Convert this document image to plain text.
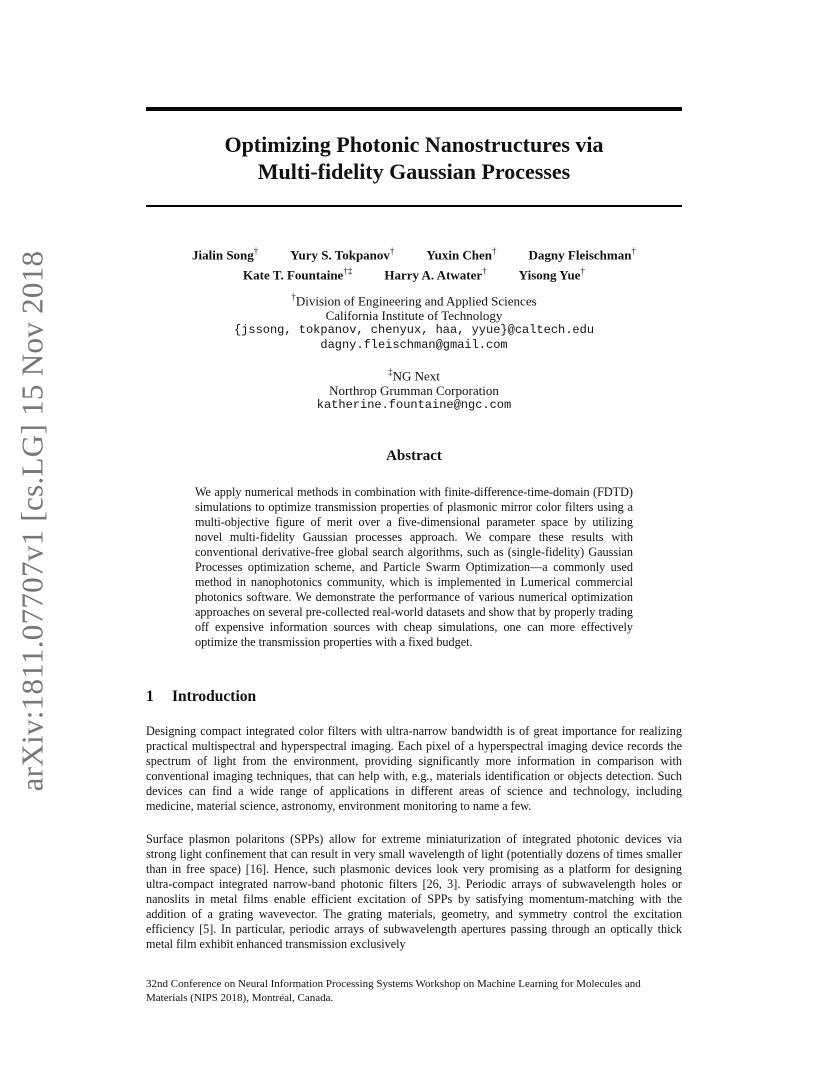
arXiv:1811.07707v1 [cs.LG] 15 Nov 2018
Optimizing Photonic Nanostructures via
Multi-fidelity Gaussian Processes
Jialin Song† Yury S. Tokpanov† Yuxin Chen† Dagny Fleischman†
Kate T. Fountaine†‡ Harry A. Atwater† Yisong Yue†
†Division of Engineering and Applied Sciences
California Institute of Technology
{jssong, tokpanov, chenyux, haa, yyue}@caltech.edu
dagny.fleischman@gmail.com
‡NG Next
Northrop Grumman Corporation
katherine.fountaine@ngc.com
Abstract

We apply numerical methods in combination with finite-difference-time-domain (FDTD) simulations to optimize transmission properties of plasmonic mirror color filters using a multi-objective figure of merit over a five-dimensional parameter space by utilizing novel multi-fidelity Gaussian processes approach. We compare these results with conventional derivative-free global search algorithms, such as (single-fidelity) Gaussian Processes optimization scheme, and Particle Swarm Optimization—a commonly used method in nanophotonics community, which is implemented in Lumerical commercial photonics software. We demonstrate the performance of various numerical optimization approaches on several pre-collected real-world datasets and show that by properly trading off expensive information sources with cheap simulations, one can more effectively optimize the transmission properties with a fixed budget.

1 Introduction

Designing compact integrated color filters with ultra-narrow bandwidth is of great importance for realizing practical multispectral and hyperspectral imaging. Each pixel of a hyperspectral imaging device records the spectrum of light from the environment, providing significantly more information in comparison with conventional imaging techniques, that can help with, e.g., materials identification or objects detection. Such devices can find a wide range of applications in different areas of science and technology, including medicine, material science, astronomy, environment monitoring to name a few.

Surface plasmon polaritons (SPPs) allow for extreme miniaturization of integrated photonic devices via strong light confinement that can result in very small wavelength of light (potentially dozens of times smaller than in free space) [16]. Hence, such plasmonic devices look very promising as a platform for designing ultra-compact integrated narrow-band photonic filters [26, 3]. Periodic arrays of subwavelength holes or nanoslits in metal films enable efficient excitation of SPPs by satisfying momentum-matching with the addition of a grating wavevector. The grating materials, geometry, and symmetry control the excitation efficiency [5]. In particular, periodic arrays of subwavelength apertures passing through an optically thick metal film exhibit enhanced transmission exclusively

32nd Conference on Neural Information Processing Systems Workshop on Machine Learning for Molecules and Materials (NIPS 2018), Montréal, Canada.
